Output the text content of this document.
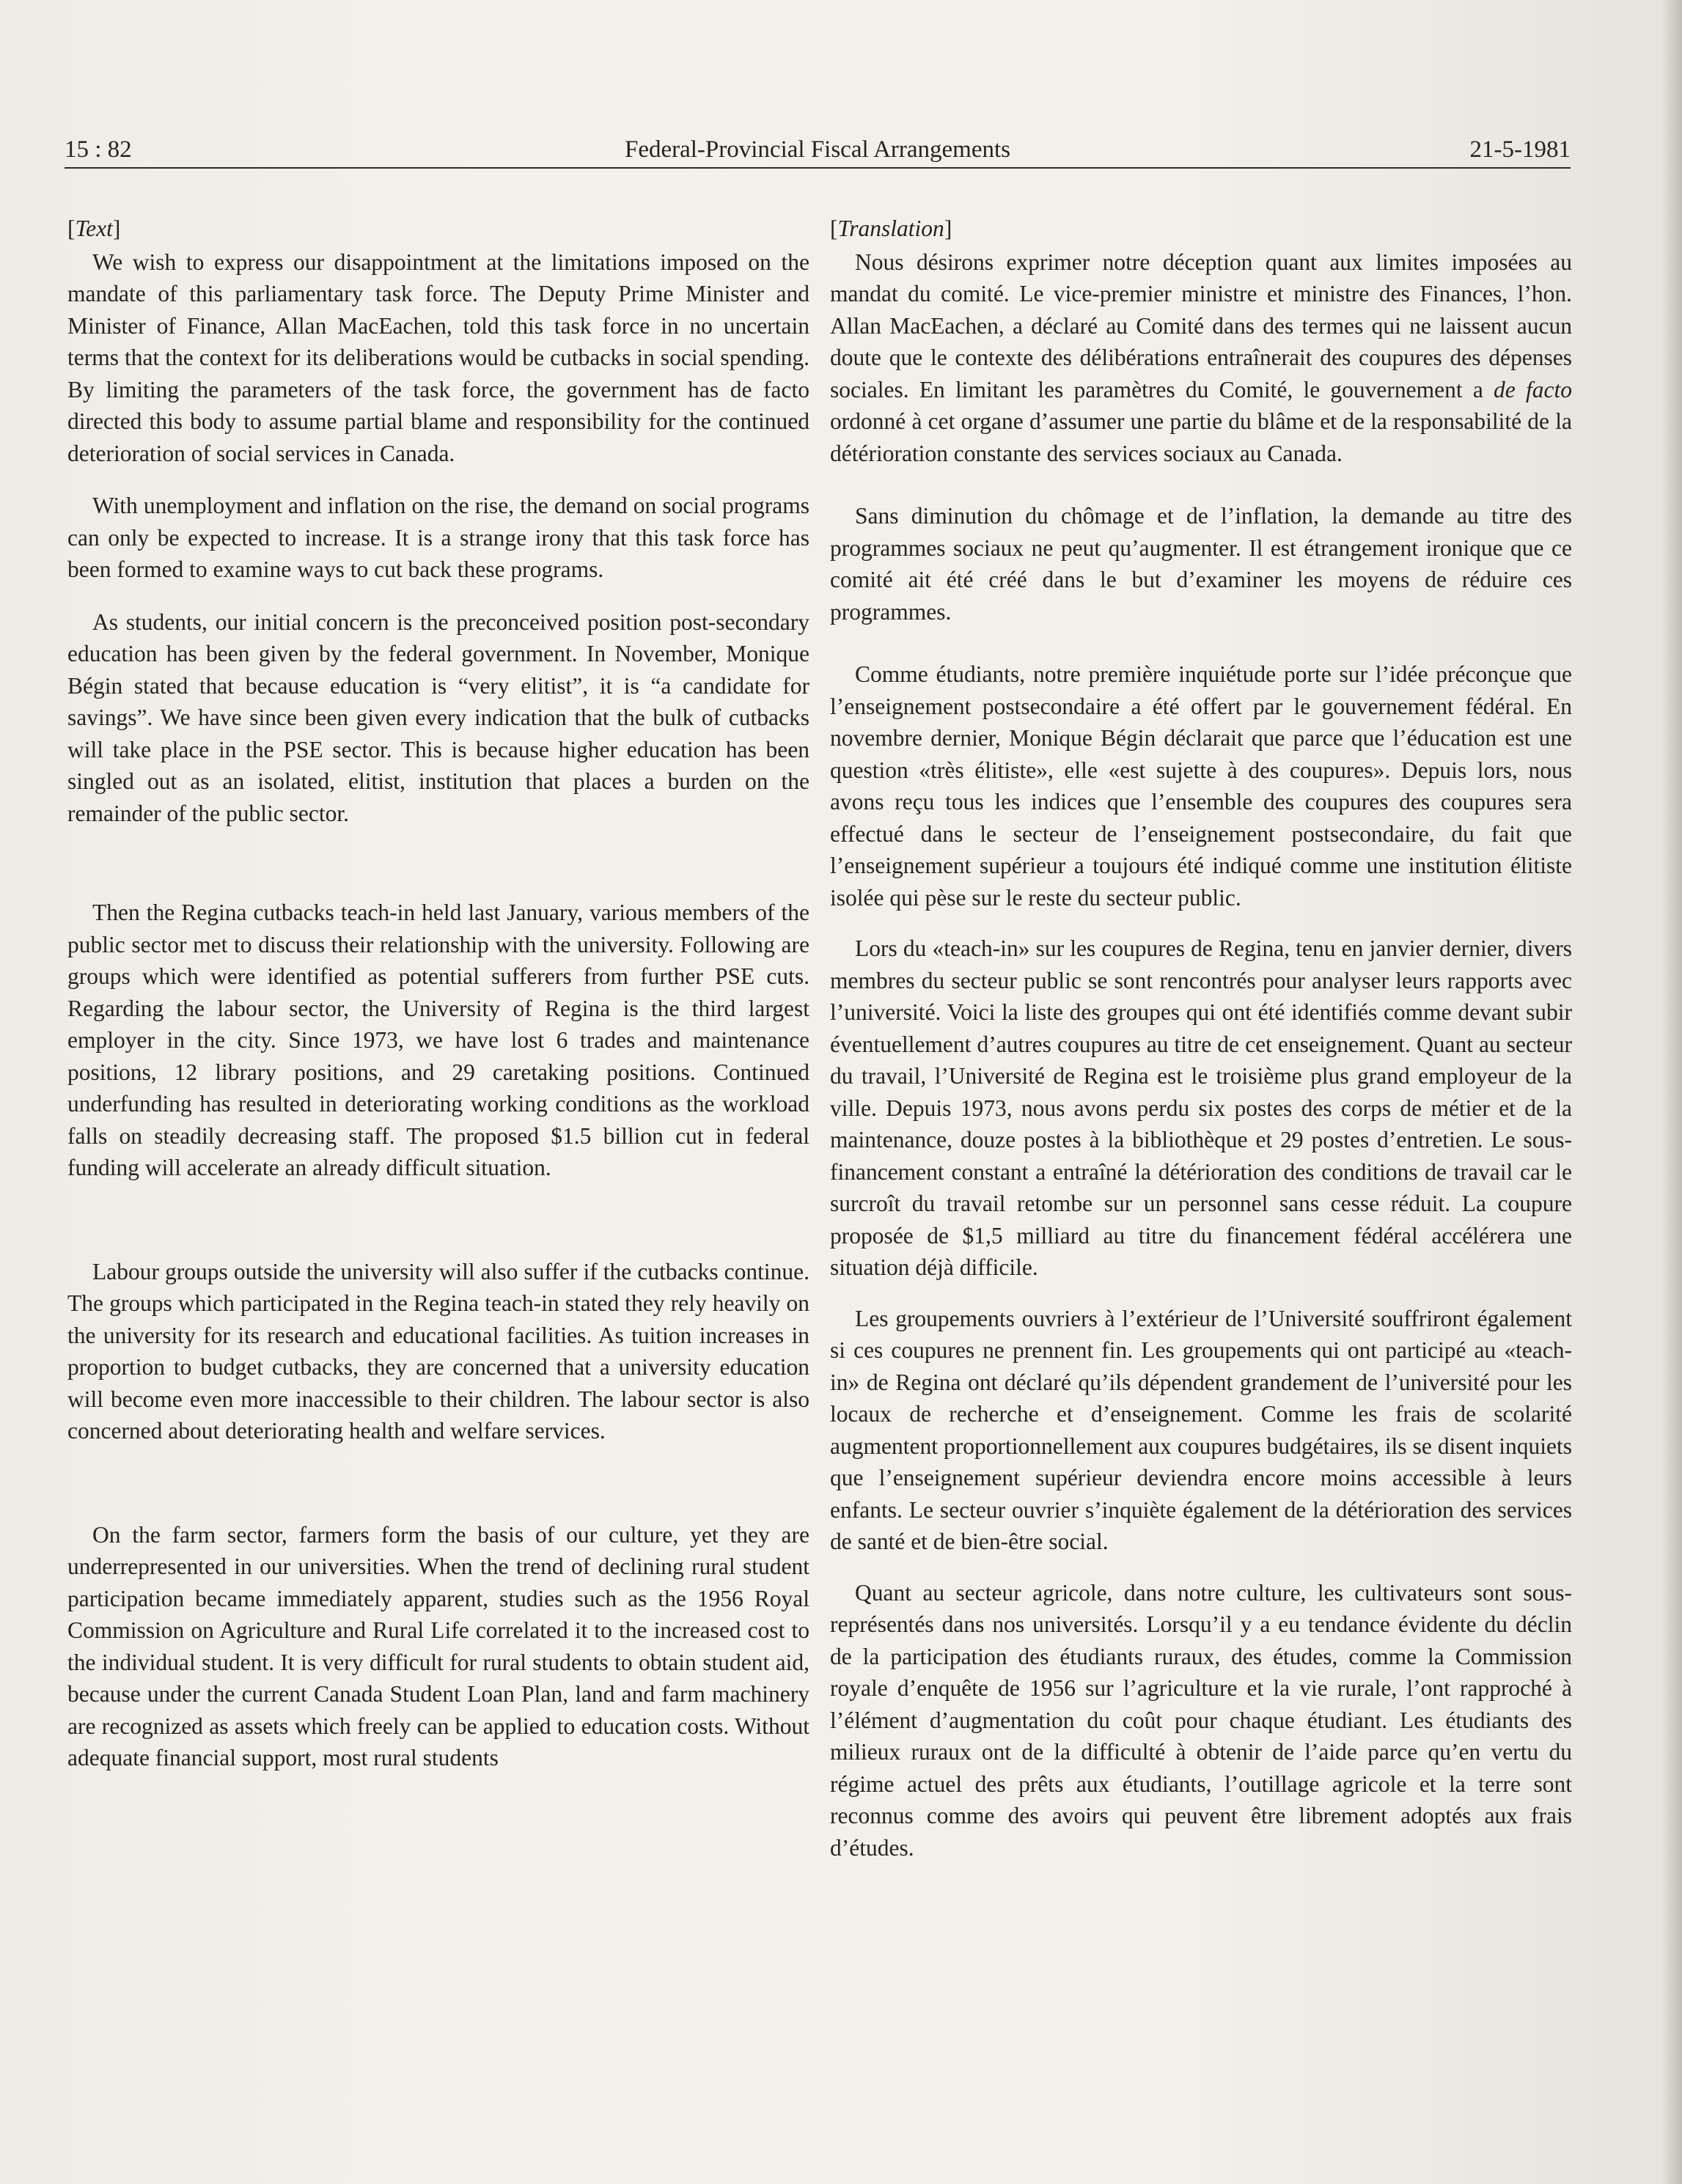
15 : 82	Federal-Provincial Fiscal Arrangements	21-5-1981
[Text]

We wish to express our disappointment at the limitations imposed on the mandate of this parliamentary task force. The Deputy Prime Minister and Minister of Finance, Allan MacEachen, told this task force in no uncertain terms that the context for its deliberations would be cutbacks in social spending. By limiting the parameters of the task force, the government has de facto directed this body to assume partial blame and responsibility for the continued deterioration of social services in Canada.

With unemployment and inflation on the rise, the demand on social programs can only be expected to increase. It is a strange irony that this task force has been formed to examine ways to cut back these programs.

As students, our initial concern is the preconceived position post-secondary education has been given by the federal government. In November, Monique Bégin stated that because education is “very elitist”, it is “a candidate for savings”. We have since been given every indication that the bulk of cutbacks will take place in the PSE sector. This is because higher education has been singled out as an isolated, elitist, institution that places a burden on the remainder of the public sector.

Then the Regina cutbacks teach-in held last January, various members of the public sector met to discuss their relationship with the university. Following are groups which were identified as potential sufferers from further PSE cuts. Regarding the labour sector, the University of Regina is the third largest employer in the city. Since 1973, we have lost 6 trades and maintenance positions, 12 library positions, and 29 caretaking positions. Continued underfunding has resulted in deteriorating working conditions as the workload falls on steadily decreasing staff. The proposed $1.5 billion cut in federal funding will accelerate an already difficult situation.

Labour groups outside the university will also suffer if the cutbacks continue. The groups which participated in the Regina teach-in stated they rely heavily on the university for its research and educational facilities. As tuition increases in proportion to budget cutbacks, they are concerned that a university education will become even more inaccessible to their children. The labour sector is also concerned about deteriorating health and welfare services.

On the farm sector, farmers form the basis of our culture, yet they are underrepresented in our universities. When the trend of declining rural student participation became immediately apparent, studies such as the 1956 Royal Commission on Agriculture and Rural Life correlated it to the increased cost to the individual student. It is very difficult for rural students to obtain student aid, because under the current Canada Student Loan Plan, land and farm machinery are recognized as assets which freely can be applied to education costs. Without adequate financial support, most rural students

[Translation]

Nous désirons exprimer notre déception quant aux limites imposées au mandat du comité. Le vice-premier ministre et ministre des Finances, l’hon. Allan MacEachen, a déclaré au Comité dans des termes qui ne laissent aucun doute que le contexte des délibérations entraînerait des coupures des dépenses sociales. En limitant les paramètres du Comité, le gouvernement a de facto ordonné à cet organe d’assumer une partie du blâme et de la responsabilité de la détérioration constante des services sociaux au Canada.

Sans diminution du chômage et de l’inflation, la demande au titre des programmes sociaux ne peut qu’augmenter. Il est étrangement ironique que ce comité ait été créé dans le but d’examiner les moyens de réduire ces programmes.

Comme étudiants, notre première inquiétude porte sur l’idée préconçue que l’enseignement postsecondaire a été offert par le gouvernement fédéral. En novembre dernier, Monique Bégin déclarait que parce que l’éducation est une question «très élitiste», elle «est sujette à des coupures». Depuis lors, nous avons reçu tous les indices que l’ensemble des coupures des coupures sera effectué dans le secteur de l’enseignement postsecondaire, du fait que l’enseignement supérieur a toujours été indiqué comme une institution élitiste isolée qui pèse sur le reste du secteur public.

Lors du «teach-in» sur les coupures de Regina, tenu en janvier dernier, divers membres du secteur public se sont rencontrés pour analyser leurs rapports avec l’université. Voici la liste des groupes qui ont été identifiés comme devant subir éventuellement d’autres coupures au titre de cet enseignement. Quant au secteur du travail, l’Université de Regina est le troisième plus grand employeur de la ville. Depuis 1973, nous avons perdu six postes des corps de métier et de la maintenance, douze postes à la bibliothèque et 29 postes d’entretien. Le sous-financement constant a entraîné la détérioration des conditions de travail car le surcroît du travail retombe sur un personnel sans cesse réduit. La coupure proposée de $1,5 milliard au titre du financement fédéral accélérera une situation déjà difficile.

Les groupements ouvriers à l’extérieur de l’Université souffriront également si ces coupures ne prennent fin. Les groupements qui ont participé au «teach-in» de Regina ont déclaré qu’ils dépendent grandement de l’université pour les locaux de recherche et d’enseignement. Comme les frais de scolarité augmentent proportionnellement aux coupures budgétaires, ils se disent inquiets que l’enseignement supérieur deviendra encore moins accessible à leurs enfants. Le secteur ouvrier s’inquiète également de la détérioration des services de santé et de bien-être social.

Quant au secteur agricole, dans notre culture, les cultivateurs sont sous-représentés dans nos universités. Lorsqu’il y a eu tendance évidente du déclin de la participation des étudiants ruraux, des études, comme la Commission royale d’enquête de 1956 sur l’agriculture et la vie rurale, l’ont rapproché à l’élément d’augmentation du coût pour chaque étudiant. Les étudiants des milieux ruraux ont de la difficulté à obtenir de l’aide parce qu’en vertu du régime actuel des prêts aux étudiants, l’outillage agricole et la terre sont reconnus comme des avoirs qui peuvent être librement adoptés aux frais d’études.
